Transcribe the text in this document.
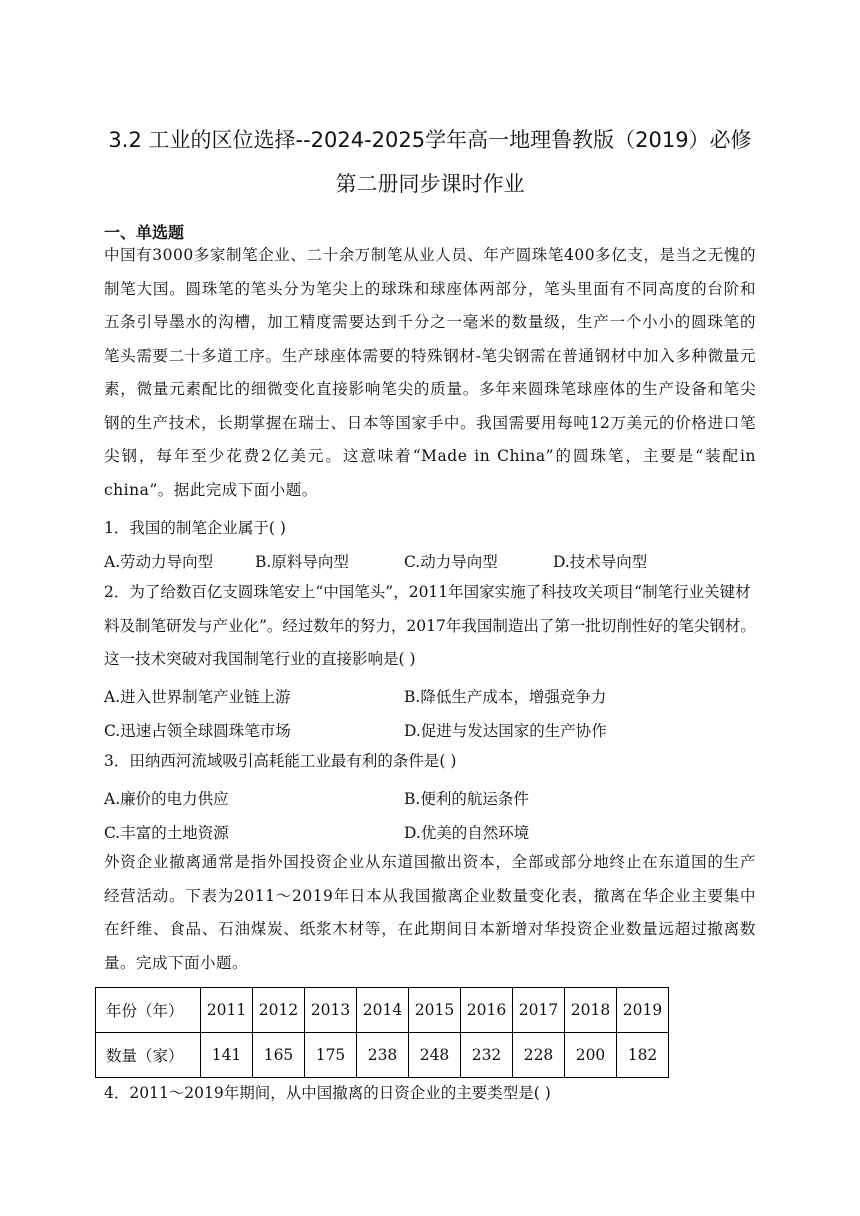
3.2 工业的区位选择--2024-2025学年高一地理鲁教版（2019）必修
第二册同步课时作业
一、单选题

中国有3000多家制笔企业、二十余万制笔从业人员、年产圆珠笔400多亿支，是当之无愧的制笔大国。圆珠笔的笔头分为笔尖上的球珠和球座体两部分，笔头里面有不同高度的台阶和五条引导墨水的沟槽，加工精度需要达到千分之一毫米的数量级，生产一个小小的圆珠笔的笔头需要二十多道工序。生产球座体需要的特殊钢材-笔尖钢需在普通钢材中加入多种微量元素，微量元素配比的细微变化直接影响笔尖的质量。多年来圆珠笔球座体的生产设备和笔尖钢的生产技术，长期掌握在瑞士、日本等国家手中。我国需要用每吨12万美元的价格进口笔尖钢，每年至少花费2亿美元。这意味着“Made in China”的圆珠笔，主要是“装配in china”。据此完成下面小题。

1．我国的制笔企业属于( )

A.劳动力导向型	B.原料导向型	C.动力导向型	D.技术导向型

2．为了给数百亿支圆珠笔安上“中国笔头”，2011年国家实施了科技攻关项目“制笔行业关键材料及制笔研发与产业化”。经过数年的努力，2017年我国制造出了第一批切削性好的笔尖钢材。这一技术突破对我国制笔行业的直接影响是( )

A.进入世界制笔产业链上游	B.降低生产成本，增强竞争力
C.迅速占领全球圆珠笔市场	D.促进与发达国家的生产协作

3．田纳西河流域吸引高耗能工业最有利的条件是( )

A.廉价的电力供应	B.便利的航运条件
C.丰富的土地资源	D.优美的自然环境

外资企业撤离通常是指外国投资企业从东道国撤出资本，全部或部分地终止在东道国的生产经营活动。下表为2011～2019年日本从我国撤离企业数量变化表，撤离在华企业主要集中在纤维、食品、石油煤炭、纸浆木材等，在此期间日本新增对华投资企业数量远超过撤离数量。完成下面小题。

年份（年）	2011	2012	2013	2014	2015	2016	2017	2018	2019
数量（家）	141	165	175	238	248	232	228	200	182

4．2011～2019年期间，从中国撤离的日资企业的主要类型是( )
